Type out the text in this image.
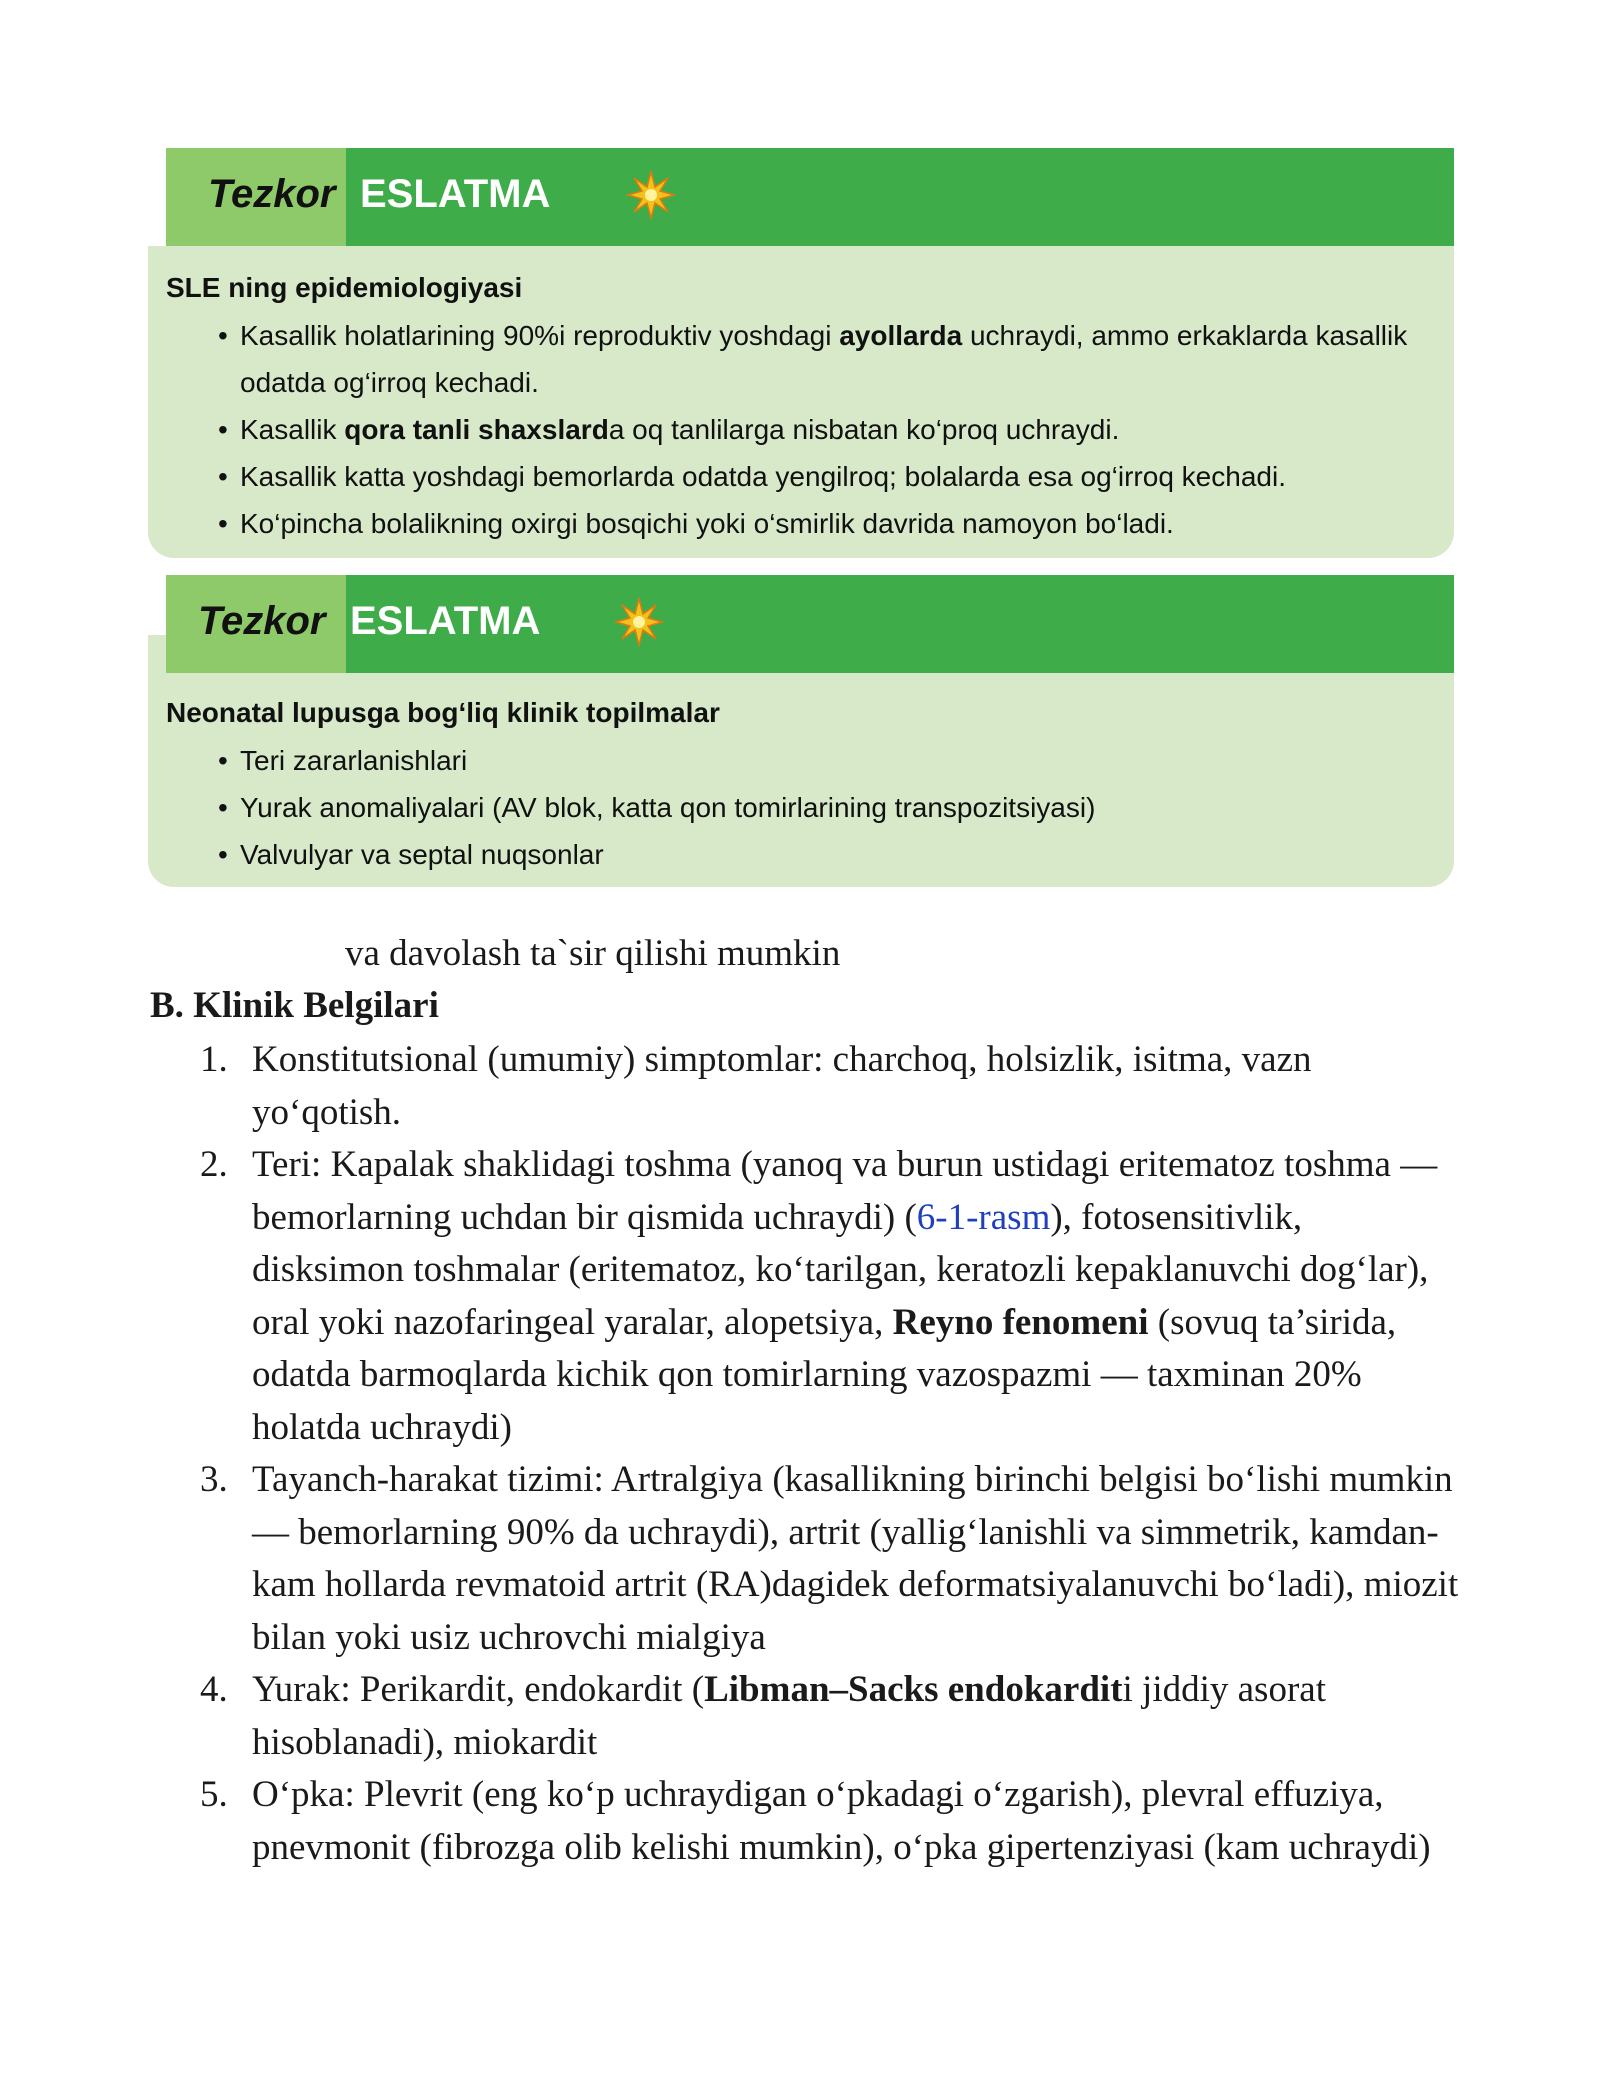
Tezkor ESLATMA
SLE ning epidemiologiyasi
• Kasallik holatlarining 90%i reproduktiv yoshdagi ayollarda uchraydi, ammo erkaklarda kasallik odatda og‘irroq kechadi.
• Kasallik qora tanli shaxslarda oq tanlilarga nisbatan ko‘proq uchraydi.
• Kasallik katta yoshdagi bemorlarda odatda yengilroq; bolalarda esa og‘irroq kechadi.
• Ko‘pincha bolalikning oxirgi bosqichi yoki o‘smirlik davrida namoyon bo‘ladi.
Tezkor ESLATMA
Neonatal lupusga bog‘liq klinik topilmalar
• Teri zararlanishlari
• Yurak anomaliyalari (AV blok, katta qon tomirlarining transpozitsiyasi)
• Valvulyar va septal nuqsonlar
va davolash ta`sir qilishi mumkin
B. Klinik Belgilari
1. Konstitutsional (umumiy) simptomlar: charchoq, holsizlik, isitma, vazn yo‘qotish.
2. Teri: Kapalak shaklidagi toshma (yanoq va burun ustidagi eritematoz toshma — bemorlarning uchdan bir qismida uchraydi) (6-1-rasm), fotosensitivlik, disksimon toshmalar (eritematoz, ko‘tarilgan, keratozli kepaklanuvchi dog‘lar), oral yoki nazofaringeal yaralar, alopetsiya, Reyno fenomeni (sovuq ta’sirida, odatda barmoqlarda kichik qon tomirlarning vazospazmi — taxminan 20% holatda uchraydi)
3. Tayanch-harakat tizimi: Artralgiya (kasallikning birinchi belgisi bo‘lishi mumkin — bemorlarning 90% da uchraydi), artrit (yallig‘lanishli va simmetrik, kamdan-kam hollarda revmatoid artrit (RA)dagidek deformatsiyalanuvchi bo‘ladi), miozit bilan yoki usiz uchrovchi mialgiya
4. Yurak: Perikardit, endokardit (Libman–Sacks endokarditi jiddiy asorat hisoblanadi), miokardit
5. O‘pka: Plevrit (eng ko‘p uchraydigan o‘pkadagi o‘zgarish), plevral effuziya, pnevmonit (fibrozga olib kelishi mumkin), o‘pka gipertenziyasi (kam uchraydi)
